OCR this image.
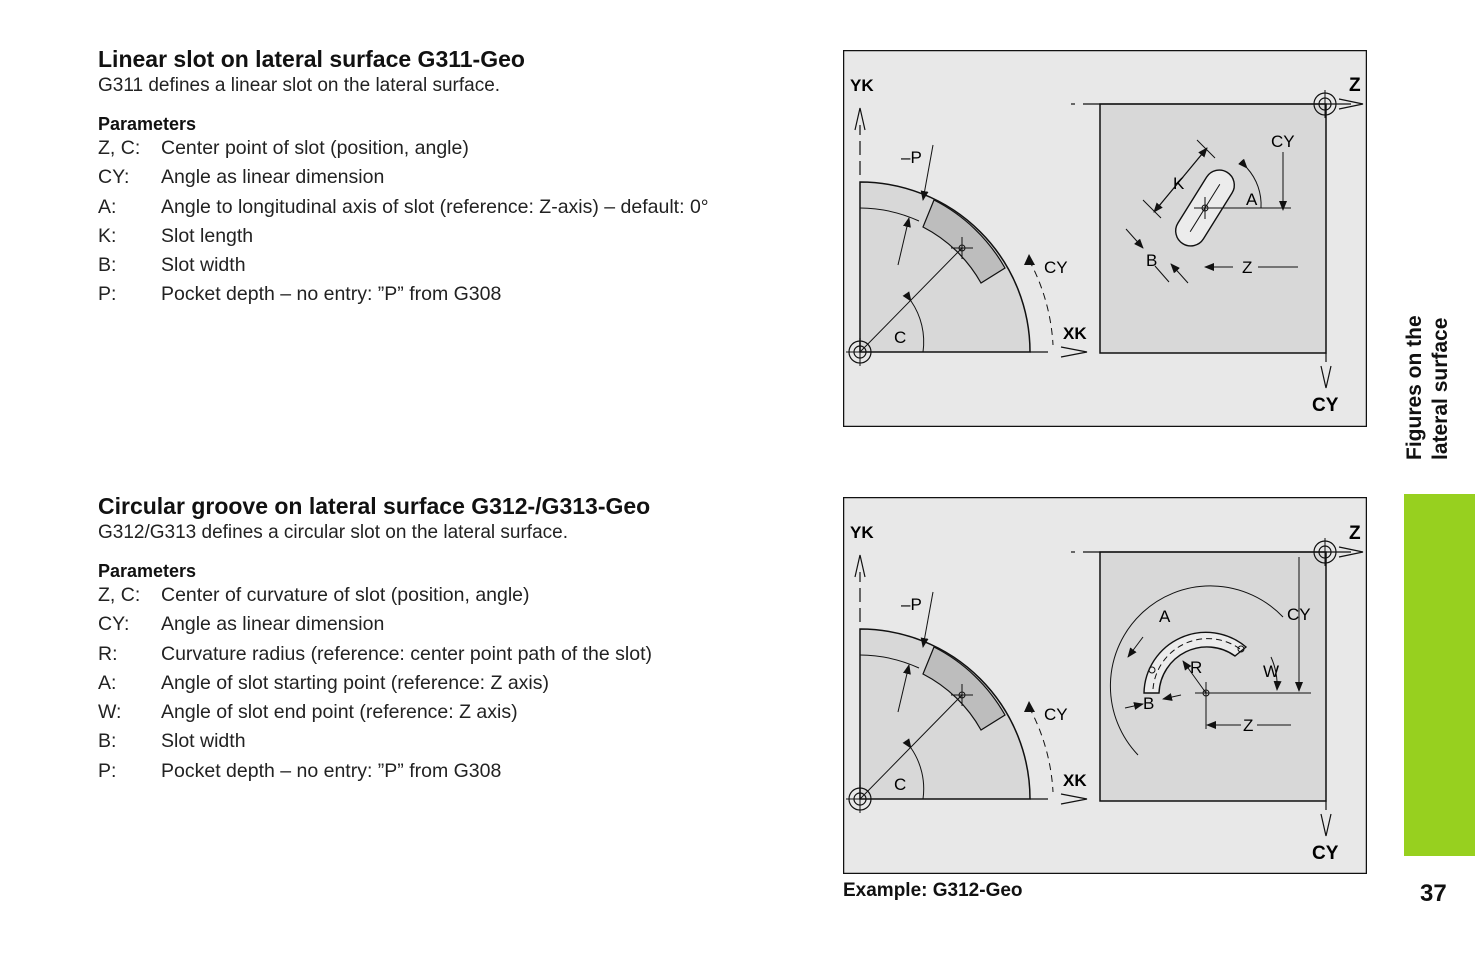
Linear slot on lateral surface G311-Geo

G311 defines a linear slot on the lateral surface.

Parameters
Z, C:	Center point of slot (position, angle)
CY:	Angle as linear dimension
A:	Angle to longitudinal axis of slot (reference: Z-axis) – default: 0°
K:	Slot length
B:	Slot width
P:	Pocket depth – no entry: ”P” from G308
Circular groove on lateral surface G312-/G313-Geo

G312/G313 defines a circular slot on the lateral surface.

Parameters
Z, C:	Center of curvature of slot (position, angle)
CY:	Angle as linear dimension
R:	Curvature radius (reference: center point path of the slot)
A:	Angle of slot starting point (reference: Z axis)
W:	Angle of slot end point (reference: Z axis)
B:	Slot width
P:	Pocket depth – no entry: ”P” from G308
Z
CY
K
B
A
CY
Z
YK
XK
C
–P
CY
Z
CY
A
R	W
CY
B
Z
YK
XK
C
–P
CY
Example: G312-Geo
Figures on the lateral surface
37
